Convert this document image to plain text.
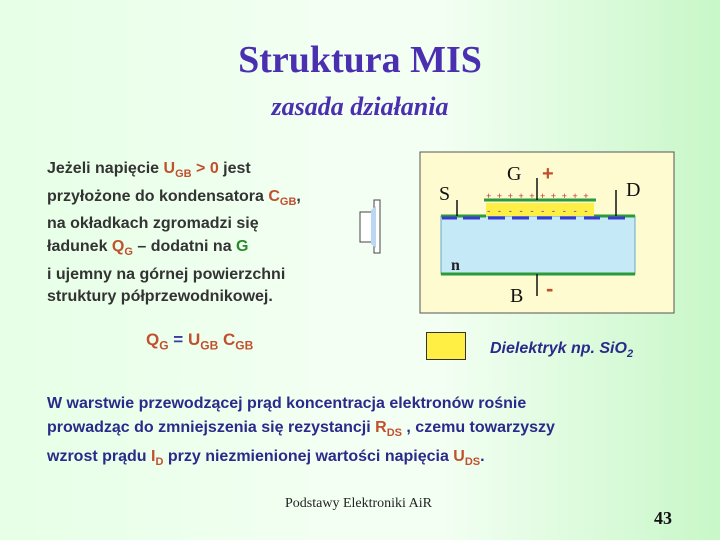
Struktura MIS
zasada działania
Jeżeli napięcie $U_{GB} > 0$ jest
przyłożone do kondensatora $C_{GB}$,
na okładkach zgromadzi się
ładunek $Q_G$ – dodatni na G
i ujemny na górnej powierzchni
struktury półprzewodnikowej.
$Q_G = U_{GB}$ $C_{GB}$
S
G
D
n
B
+
-
+ + + + + + + + + +
- - - - - - - - - -
Dielektryk np. SiO$_2$
W warstwie przewodzącej prąd koncentracja elektronów rośnie
prowadząc do zmniejszenia się rezystancji $R_{DS}$ , czemu towarzyszy
wzrost prądu $I_D$ przy niezmienionej wartości napięcia $U_{DS}$.
Podstawy Elektroniki AiR
43
